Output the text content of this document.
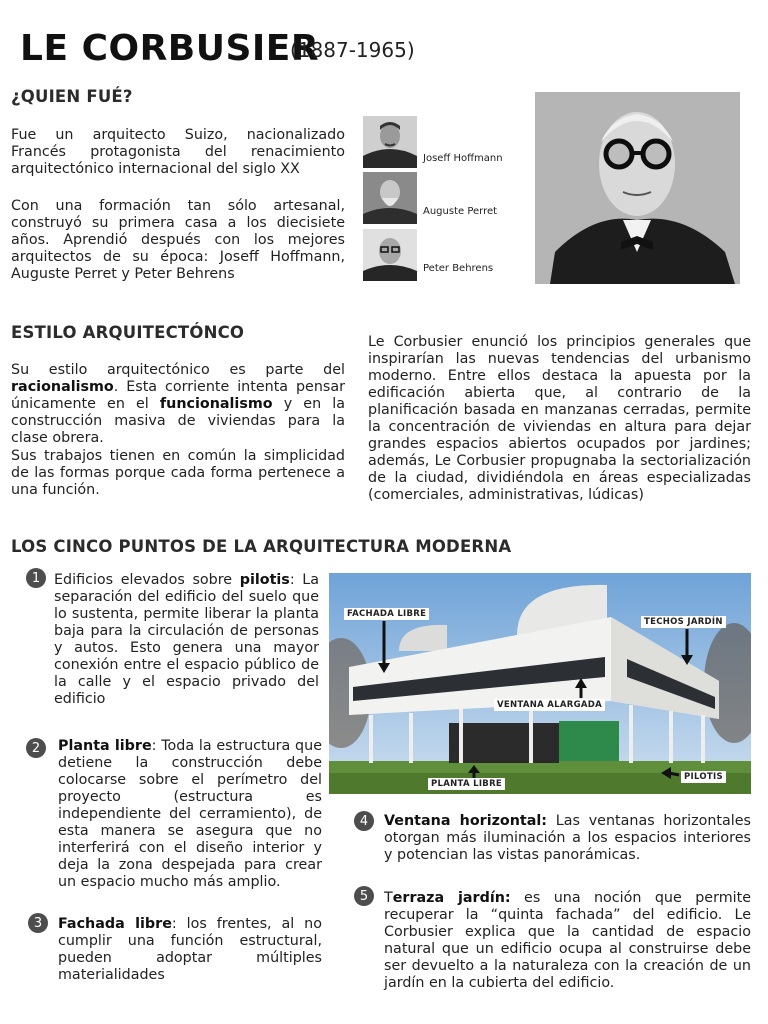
LE CORBUSIER
(1887-1965)
¿QUIEN FUÉ?
Fue un arquitecto Suizo, nacionalizado Francés protagonista del renacimiento arquitectónico internacional del siglo XX
Con una formación tan sólo artesanal, construyó su primera casa a los diecisiete años. Aprendió después con los mejores arquitectos de su época: Joseff Hoffmann, Auguste Perret y Peter Behrens
Joseff Hoffmann
Auguste Perret
Peter Behrens
ESTILO ARQUITECTÓNCO
Su estilo arquitectónico es parte del racionalismo. Esta corriente intenta pensar únicamente en el funcionalismo y en la construcción masiva de viviendas para la clase obrera.
Sus trabajos tienen en común la simplicidad de las formas porque cada forma pertenece a una función.
Le Corbusier enunció los principios generales que inspirarían las nuevas tendencias del urbanismo moderno. Entre ellos destaca la apuesta por la edificación abierta que, al contrario de la planificación basada en manzanas cerradas, permite la concentración de viviendas en altura para dejar grandes espacios abiertos ocupados por jardines; además, Le Corbusier propugnaba la sectorialización de la ciudad, dividiéndola en áreas especializadas (comerciales, administrativas, lúdicas)
LOS CINCO PUNTOS DE LA ARQUITECTURA MODERNA
1 Edificios elevados sobre pilotis: La separación del edificio del suelo que lo sustenta, permite liberar la planta baja para la circulación de personas y autos. Esto genera una mayor conexión entre el espacio público de la calle y el espacio privado del edificio
2	Planta libre: Toda la estructura que detiene la construcción debe colocarse sobre el perímetro del proyecto (estructura es independiente del cerramiento), de esta manera se asegura que no interferirá con el diseño interior y deja la zona despejada para crear un espacio mucho más amplio.
3	Fachada libre: los frentes, al no cumplir una función estructural, pueden adoptar múltiples materialidades
4	Ventana horizontal: Las ventanas horizontales otorgan más iluminación a los espacios interiores y potencian las vistas panorámicas.
5	Terraza jardín: es una noción que permite recuperar la “quinta fachada” del edificio. Le Corbusier explica que la cantidad de espacio natural que un edificio ocupa al construirse debe ser devuelto a la naturaleza con la creación de un jardín en la cubierta del edificio.
FACHADA LIBRE
TECHOS JARDÍN
VENTANA ALARGADA
PLANTA LIBRE
PILOTIS
